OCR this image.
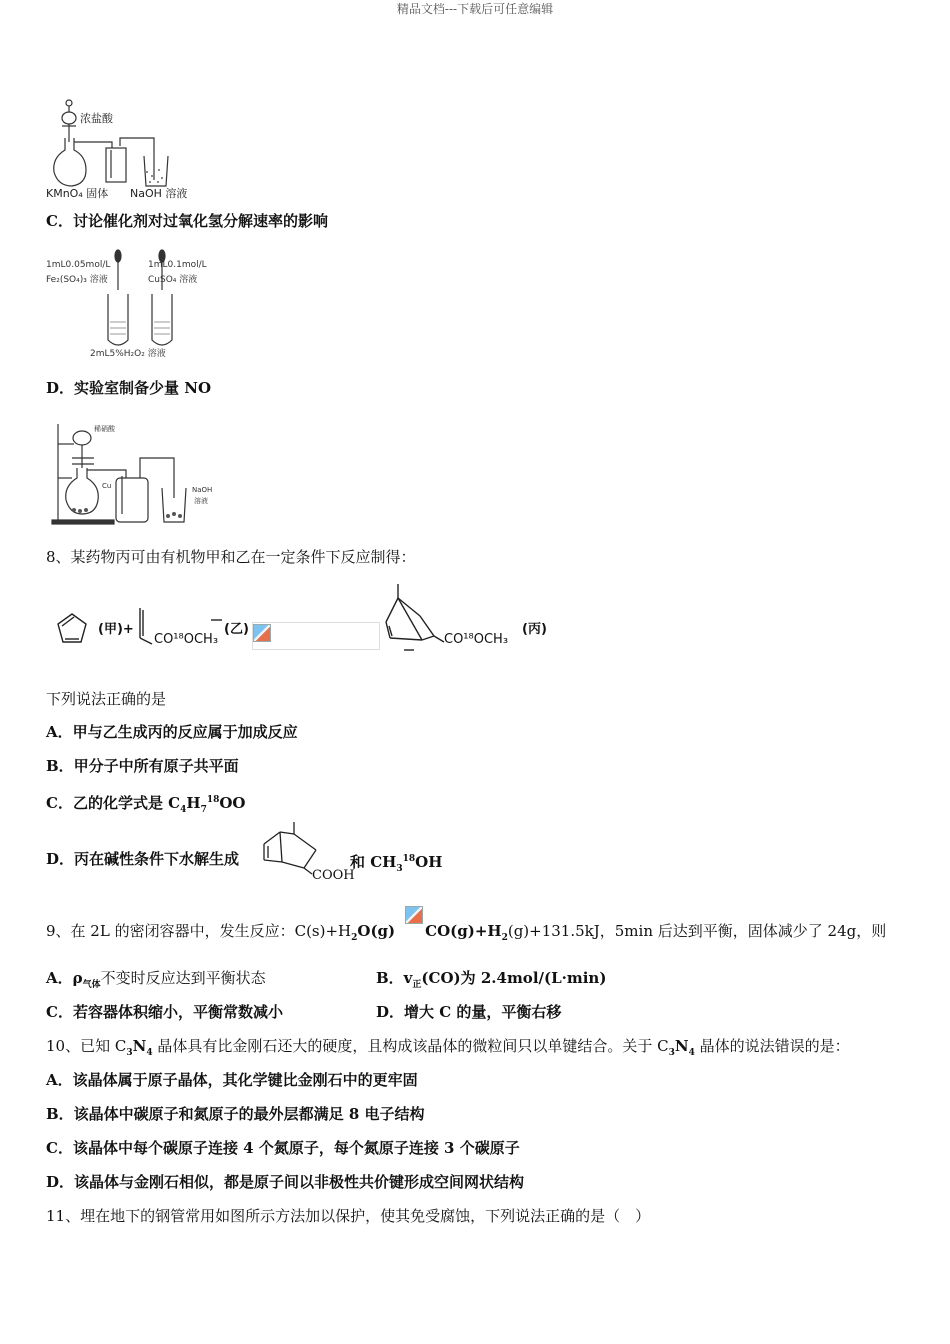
精品文档---下载后可任意编辑
浓盐酸
KMnO₄ 固体 NaOH 溶液
C．讨论催化剂对过氧化氢分解速率的影响
1mL0.05mol/L
Fe₂(SO₄)₃ 溶液
1mL0.1mol/L
CuSO₄ 溶液
2mL5%H₂O₂ 溶液
D．实验室制备少量 NO
稀硝酸
Cu	NaOH
溶液
8、某药物丙可由有机物甲和乙在一定条件下反应制得：
(甲)+
CO¹⁸OCH₃
(乙)
CO¹⁸OCH₃
(丙)
下列说法正确的是
A．甲与乙生成丙的反应属于加成反应
B．甲分子中所有原子共平面
C．乙的化学式是 $C_4H_7^{18}OO$
D．丙在碱性条件下水解生成
COOH
和 $CH_3^{18}OH$
9、在 2L 的密闭容器中，发生反应：$C(s)+H_2O(g)$ $CO(g)+H_2(g)+131.5kJ$，5min 后达到平衡，固体减少了 24g，则
A．$\rho_{气体}$不变时反应达到平衡状态	B．$v_正(CO)$为 2.4mol/(L·min)
C．若容器体积缩小，平衡常数减小	D．增大 C 的量，平衡右移
10、已知 $C_3N_4$ 晶体具有比金刚石还大的硬度，且构成该晶体的微粒间只以单键结合。关于 $C_3N_4$ 晶体的说法错误的是：
A．该晶体属于原子晶体，其化学键比金刚石中的更牢固
B．该晶体中碳原子和氮原子的最外层都满足 8 电子结构
C．该晶体中每个碳原子连接 4 个氮原子，每个氮原子连接 3 个碳原子
D．该晶体与金刚石相似，都是原子间以非极性共价键形成空间网状结构
11、埋在地下的钢管常用如图所示方法加以保护，使其免受腐蚀，下列说法正确的是（　）
